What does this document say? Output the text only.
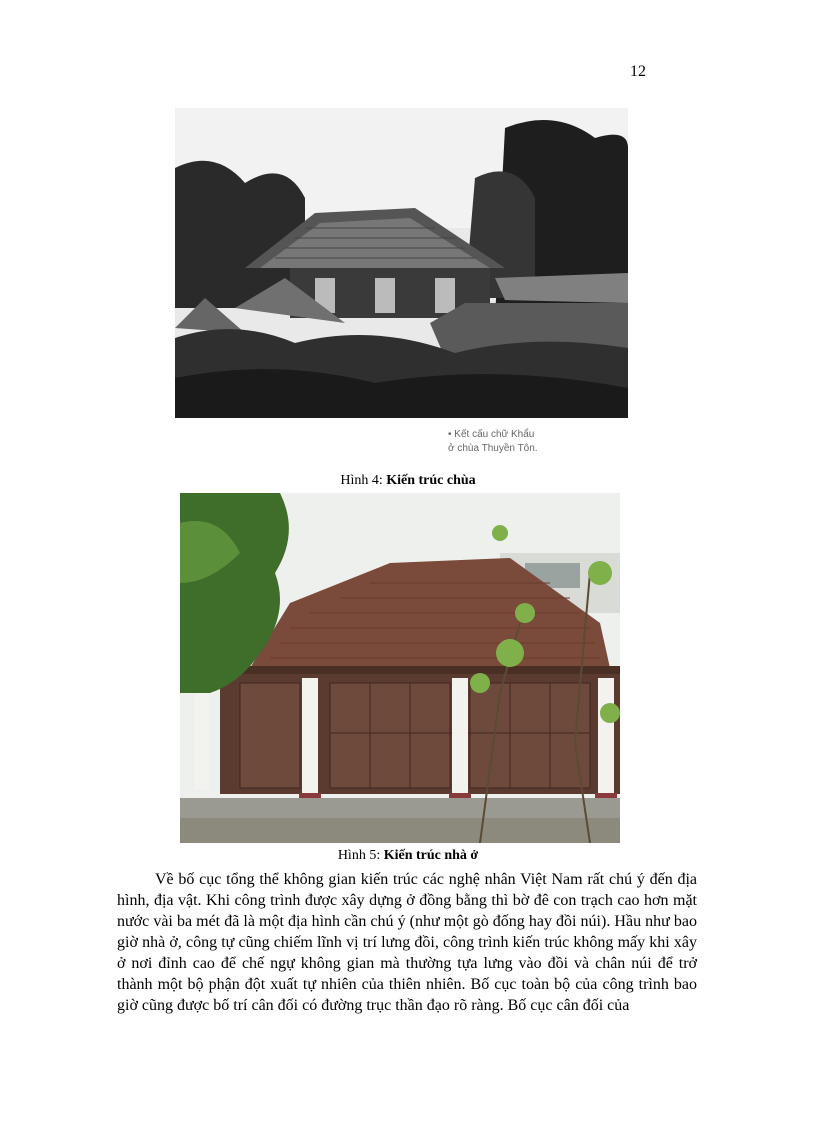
12
• Kết cấu chữ Khẩu
ở chùa Thuyền Tôn.
Hình 4: Kiến trúc chùa
Hình 5: Kiến trúc nhà ở

Về bố cục tổng thể không gian kiến trúc các nghệ nhân Việt Nam rất chú ý đến địa hình, địa vật. Khi công trình được xây dựng ở đồng bằng thì bờ đê con trạch cao hơn mặt nước vài ba mét đã là một địa hình cần chú ý (như một gò đống hay đồi núi). Hầu như bao giờ nhà ở, công tự cũng chiếm lĩnh vị trí lưng đồi, công trình kiến trúc không mấy khi xây ở nơi đỉnh cao để chế ngự không gian mà thường tựa lưng vào đồi và chân núi để trở thành một bộ phận đột xuất tự nhiên của thiên nhiên. Bố cục toàn bộ của công trình bao giờ cũng được bố trí cân đối có đường trục thần đạo rõ ràng. Bố cục cân đối của
